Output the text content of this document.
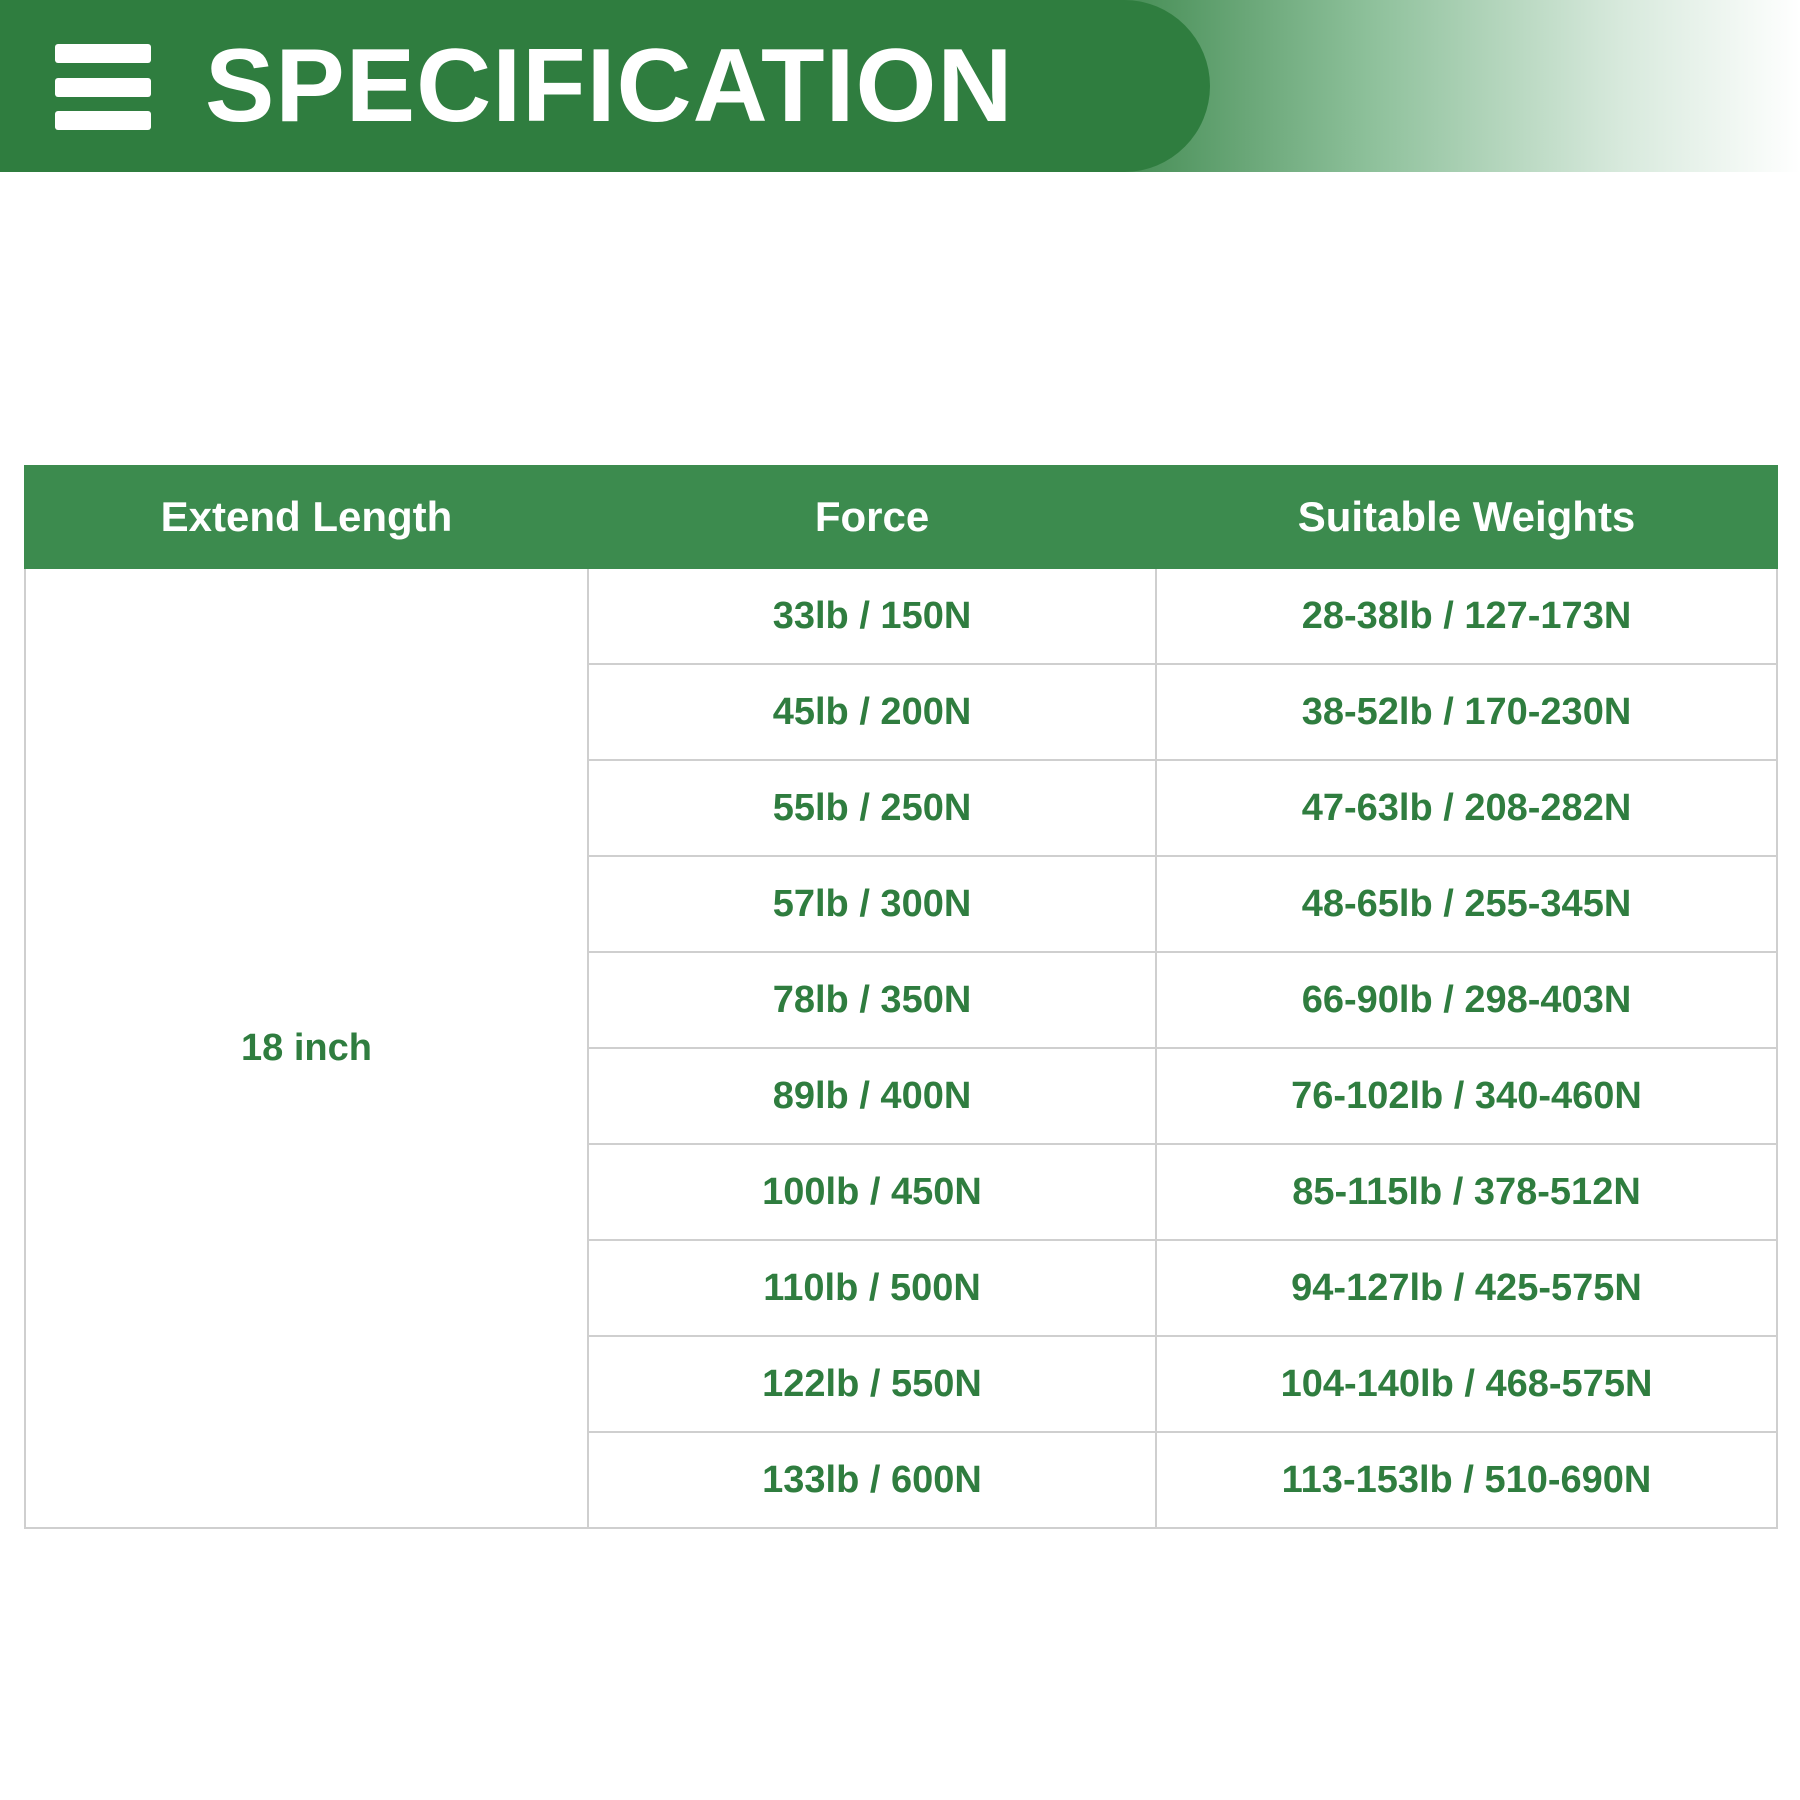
SPECIFICATION
Extend Length	Force	Suitable Weights
18 inch	33lb / 150N	28-38lb / 127-173N
	45lb / 200N	38-52lb / 170-230N
	55lb / 250N	47-63lb / 208-282N
	57lb / 300N	48-65lb / 255-345N
	78lb / 350N	66-90lb / 298-403N
	89lb / 400N	76-102lb / 340-460N
	100lb / 450N	85-115lb / 378-512N
	110lb / 500N	94-127lb / 425-575N
	122lb / 550N	104-140lb / 468-575N
	133lb / 600N	113-153lb / 510-690N
